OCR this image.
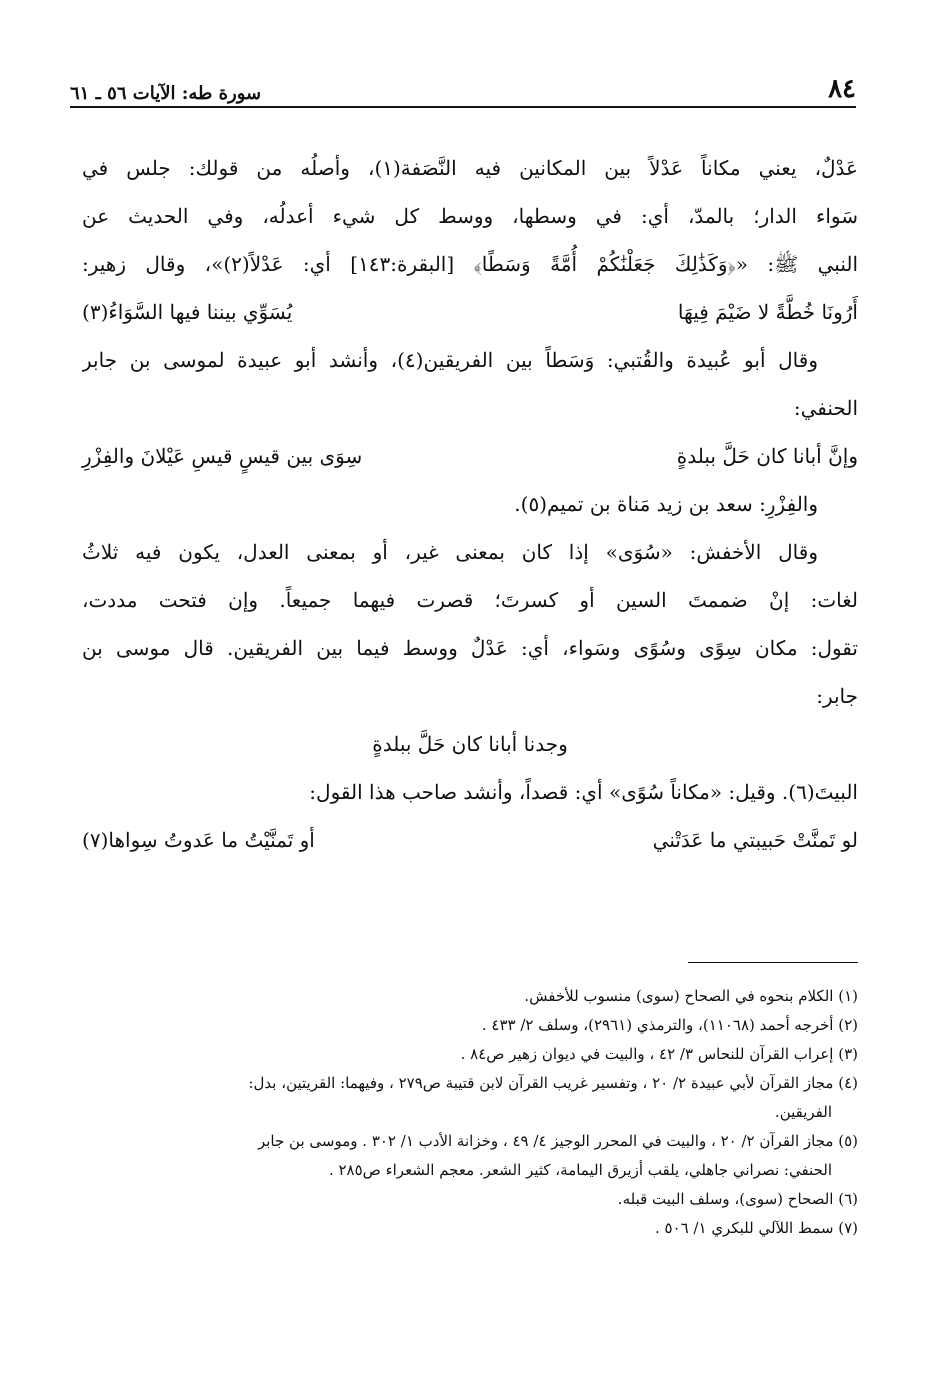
٨٤
سورة طه: الآيات ٥٦ ـ ٦١
عَدْلٌ، يعني مكاناً عَدْلاً بين المكانين فيه النَّصَفة(١)، وأصلُه من قولك: جلس في
سَواء الدار؛ بالمدّ، أي: في وسطها، ووسط كل شيء أعدلُه، وفي الحديث عن
النبي ﷺ: «﴿وَكَذَٰلِكَ جَعَلْنَٰكُمْ أُمَّةً وَسَطًا﴾ [البقرة:١٤٣] أي: عَدْلاً(٢)»، وقال زهير:
أَرُونَا خُطَّةً لا ضَيْمَ فِيهَا
يُسَوِّي بيننا فيها السَّوَاءُ(٣)
وقال أبو عُبيدة والقُتبي: وَسَطاً بين الفريقين(٤)، وأنشد أبو عبيدة لموسى بن جابر
الحنفي:
وإنَّ أبانا كان حَلَّ ببلدةٍ
سِوَى بين قيسٍ قيسِ عَيْلانَ والفِزْرِ
والفِزْرِ: سعد بن زيد مَناة بن تميم(٥).
وقال الأخفش: «سُوَى» إذا كان بمعنى غير، أو بمعنى العدل، يكون فيه ثلاثُ
لغات: إنْ ضممتَ السين أو كسرتَ؛ قصرت فيهما جميعاً. وإن فتحت مددت،
تقول: مكان سِوًى وسُوًى وسَواء، أي: عَدْلٌ ووسط فيما بين الفريقين. قال موسى بن
جابر:
وجدنا أبانا كان حَلَّ ببلدةٍ
البيتَ(٦). وقيل: «مكاناً سُوًى» أي: قصداً، وأنشد صاحب هذا القول:
لو تَمنَّتْ حَبيبتي ما عَدَتْني
أو تَمنَّيْتُ ما عَدوتُ سِواها(٧)
(١) الكلام بنحوه في الصحاح (سوى) منسوب للأخفش.
(٢) أخرجه أحمد (١١٠٦٨)، والترمذي (٢٩٦١)، وسلف ٢/ ٤٣٣ .
(٣) إعراب القرآن للنحاس ٣/ ٤٢ ، والبيت في ديوان زهير ص٨٤ .
(٤) مجاز القرآن لأبي عبيدة ٢/ ٢٠ ، وتفسير غريب القرآن لابن قتيبة ص٢٧٩ ، وفيهما: القريتين، بدل:
الفريقين.
(٥) مجاز القرآن ٢/ ٢٠ ، والبيت في المحرر الوجيز ٤/ ٤٩ ، وخزانة الأدب ١/ ٣٠٢ . وموسى بن جابر
الحنفي: نصراني جاهلي، يلقب أزيرق اليمامة، كثير الشعر. معجم الشعراء ص٢٨٥ .
(٦) الصحاح (سوى)، وسلف البيت قبله.
(٧) سمط اللآلي للبكري ١/ ٥٠٦ .
